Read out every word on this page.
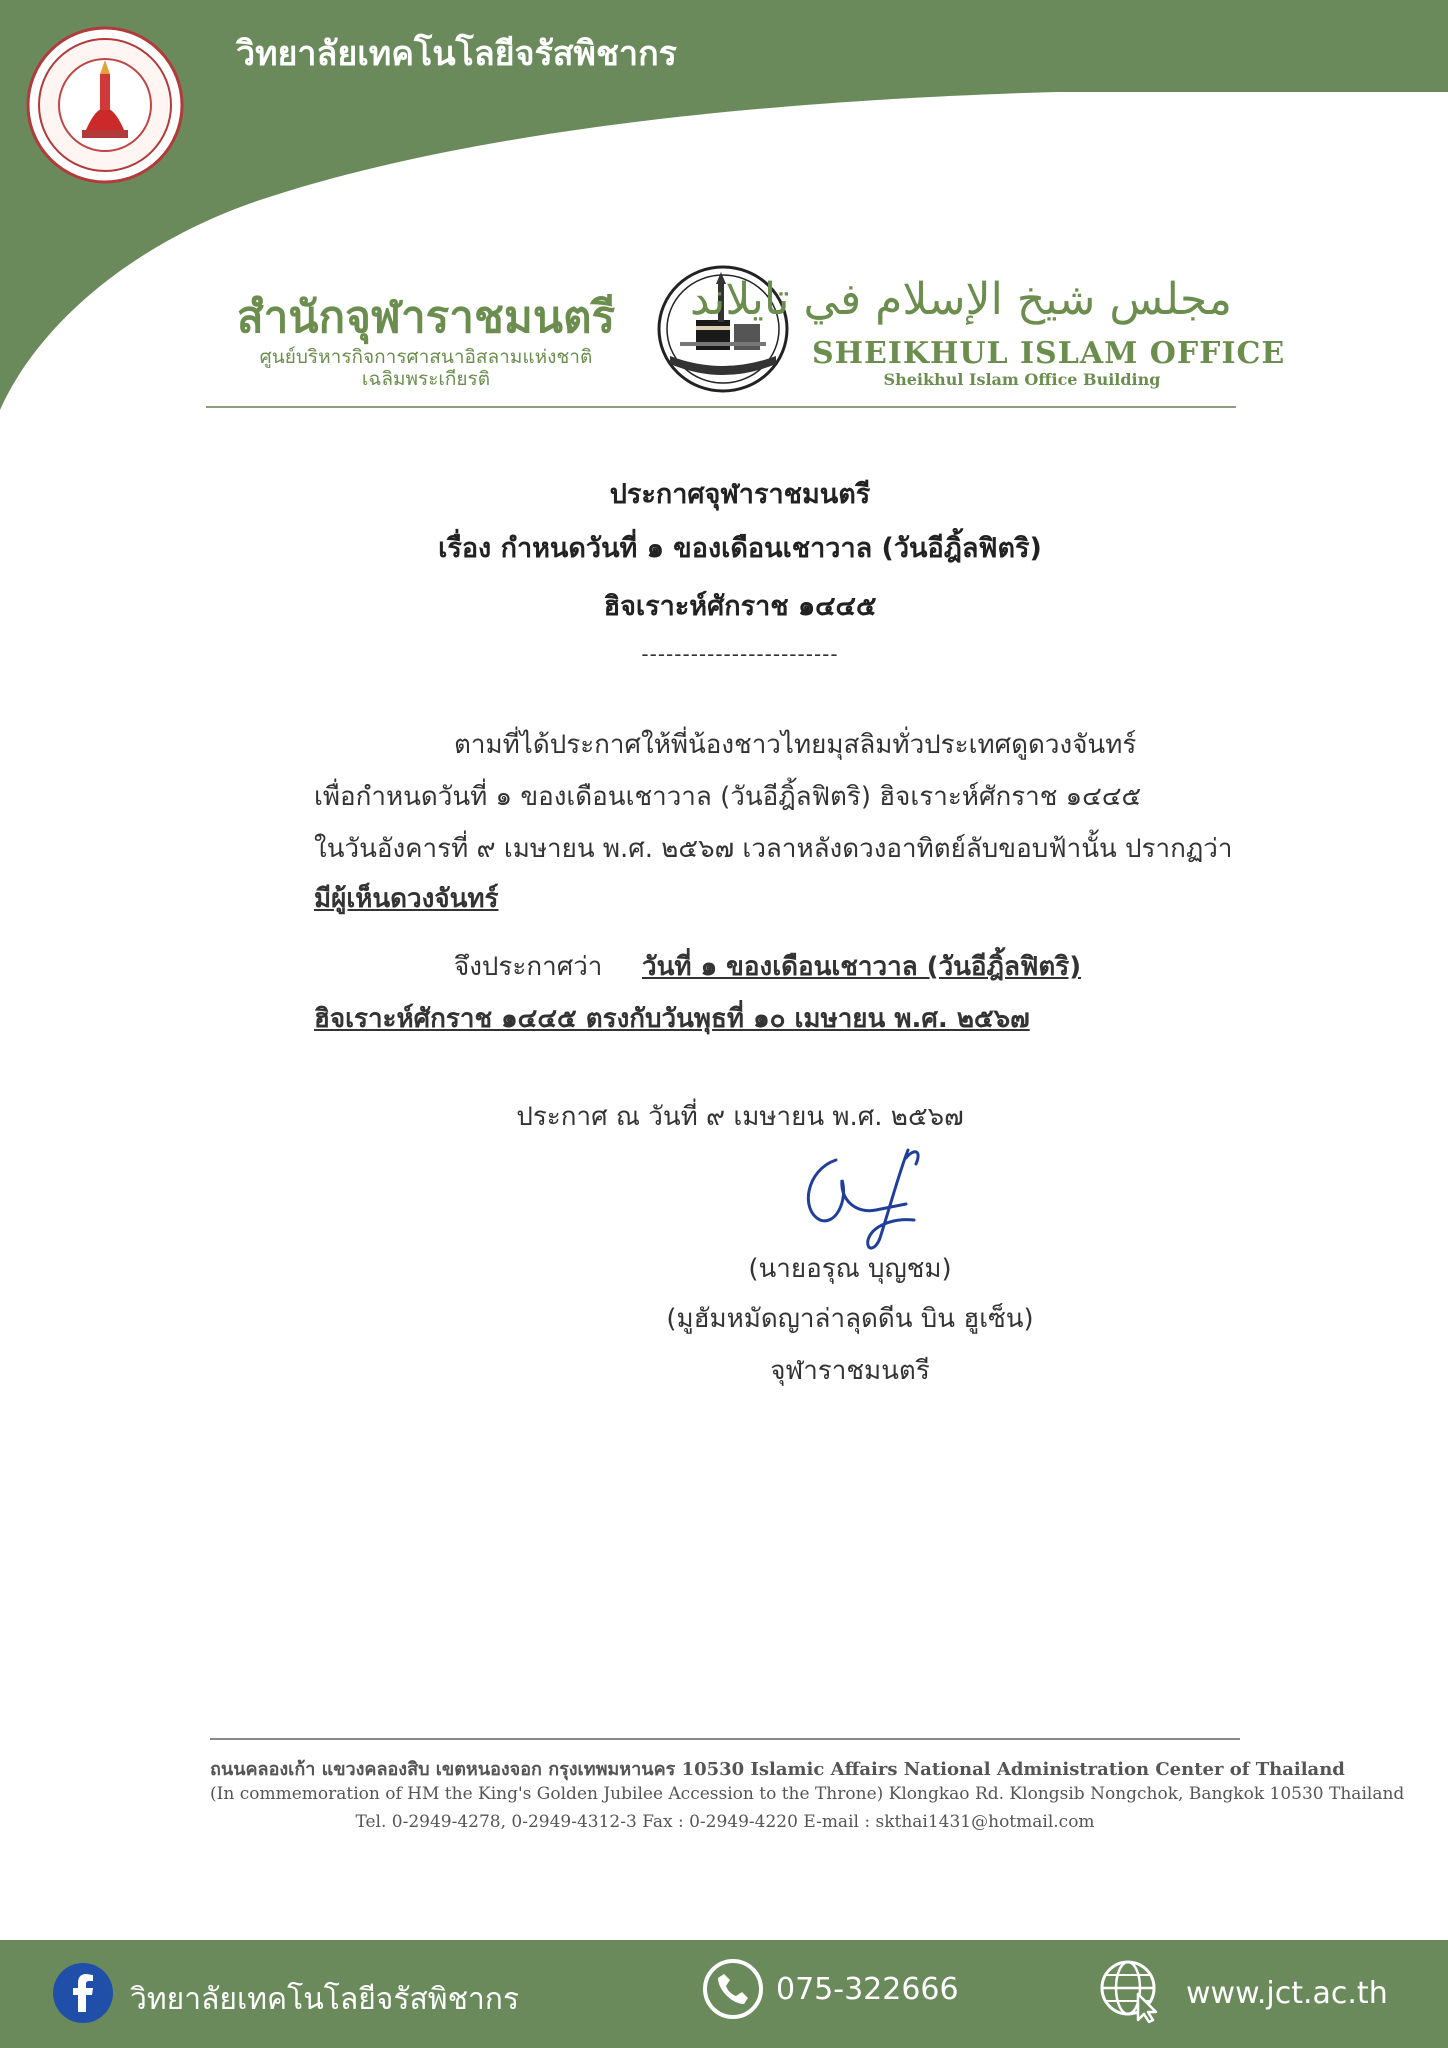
วิทยาลัยเทคโนโลยีจรัสพิชากร
สำนักจุฬาราชมนตรี
ศูนย์บริหารกิจการศาสนาอิสลามแห่งชาติ
เฉลิมพระเกียรติ
مجلس شيخ الإسلام في تايلاند
SHEIKHUL ISLAM OFFICE
Sheikhul Islam Office Building
ประกาศจุฬาราชมนตรี
เรื่อง กำหนดวันที่ ๑ ของเดือนเชาวาล (วันอีฎิ้ลฟิตริ)
ฮิจเราะห์ศักราช ๑๔๔๕
------------------------
ตามที่ได้ประกาศให้พี่น้องชาวไทยมุสลิมทั่วประเทศดูดวงจันทร์
เพื่อกำหนดวันที่ ๑ ของเดือนเชาวาล (วันอีฎิ้ลฟิตริ) ฮิจเราะห์ศักราช ๑๔๔๕
ในวันอังคารที่ ๙ เมษายน พ.ศ. ๒๕๖๗ เวลาหลังดวงอาทิตย์ลับขอบฟ้านั้น ปรากฏว่า
มีผู้เห็นดวงจันทร์
จึงประกาศว่า วันที่ ๑ ของเดือนเชาวาล (วันอีฎิ้ลฟิตริ)
ฮิจเราะห์ศักราช ๑๔๔๕ ตรงกับวันพุธที่ ๑๐ เมษายน พ.ศ. ๒๕๖๗
ประกาศ ณ วันที่ ๙ เมษายน พ.ศ. ๒๕๖๗
(นายอรุณ บุญชม)
(มูฮัมหมัดญาล่าลุดดีน บิน ฮูเซ็น)
จุฬาราชมนตรี
ถนนคลองเก้า แขวงคลองสิบ เขตหนองจอก กรุงเทพมหานคร 10530 Islamic Affairs National Administration Center of Thailand
(In commemoration of HM the King's Golden Jubilee Accession to the Throne) Klongkao Rd. Klongsib Nongchok, Bangkok 10530 Thailand
Tel. 0-2949-4278, 0-2949-4312-3 Fax : 0-2949-4220 E-mail : skthai1431@hotmail.com
วิทยาลัยเทคโนโลยีจรัสพิชากร	075-322666	www.jct.ac.th
